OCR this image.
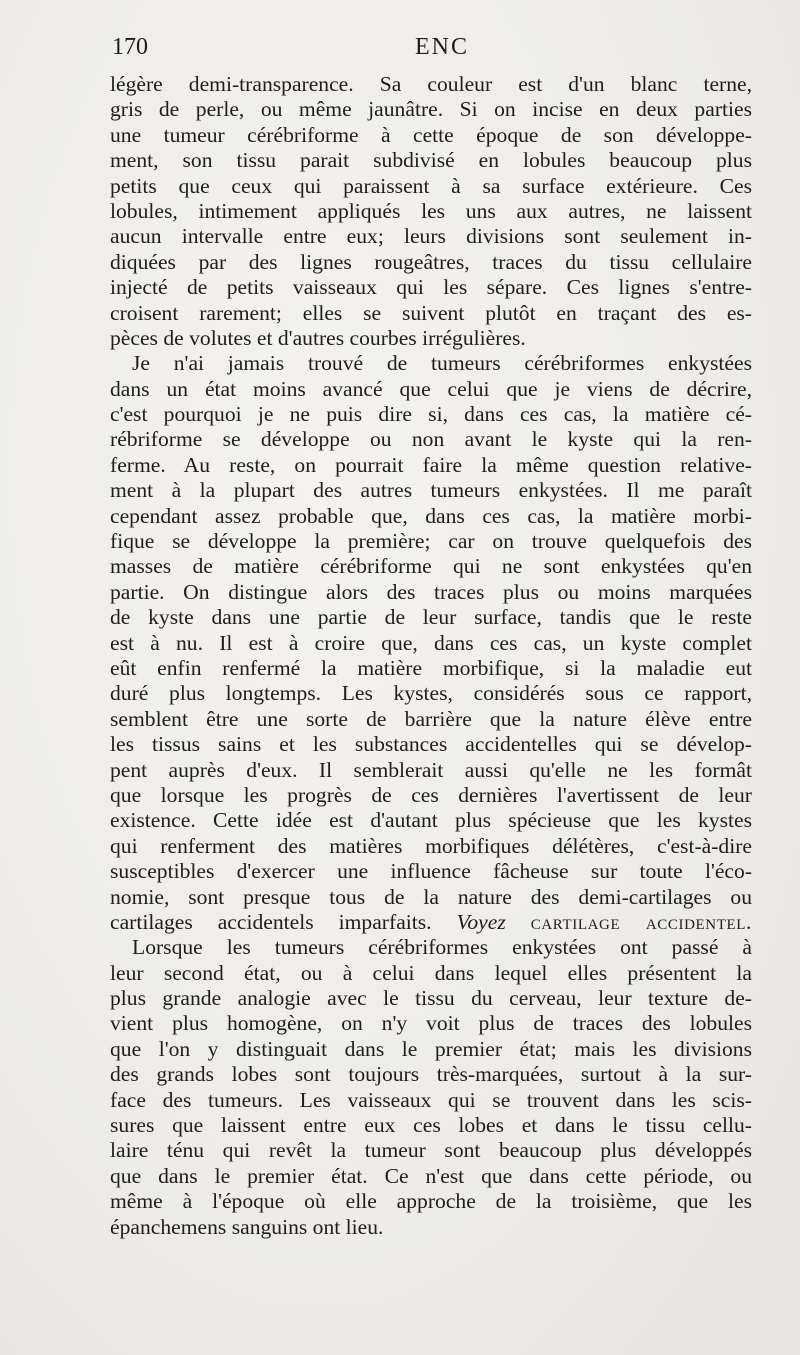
170	ENC
légère demi-transparence. Sa couleur est d'un blanc terne,
gris de perle, ou même jaunâtre. Si on incise en deux parties
une tumeur cérébriforme à cette époque de son développe-
ment, son tissu parait subdivisé en lobules beaucoup plus
petits que ceux qui paraissent à sa surface extérieure. Ces
lobules, intimement appliqués les uns aux autres, ne laissent
aucun intervalle entre eux; leurs divisions sont seulement in-
diquées par des lignes rougeâtres, traces du tissu cellulaire
injecté de petits vaisseaux qui les sépare. Ces lignes s'entre-
croisent rarement; elles se suivent plutôt en traçant des es-
pèces de volutes et d'autres courbes irrégulières.
Je n'ai jamais trouvé de tumeurs cérébriformes enkystées
dans un état moins avancé que celui que je viens de décrire,
c'est pourquoi je ne puis dire si, dans ces cas, la matière cé-
rébriforme se développe ou non avant le kyste qui la ren-
ferme. Au reste, on pourrait faire la même question relative-
ment à la plupart des autres tumeurs enkystées. Il me paraît
cependant assez probable que, dans ces cas, la matière morbi-
fique se développe la première; car on trouve quelquefois des
masses de matière cérébriforme qui ne sont enkystées qu'en
partie. On distingue alors des traces plus ou moins marquées
de kyste dans une partie de leur surface, tandis que le reste
est à nu. Il est à croire que, dans ces cas, un kyste complet
eût enfin renfermé la matière morbifique, si la maladie eut
duré plus longtemps. Les kystes, considérés sous ce rapport,
semblent être une sorte de barrière que la nature élève entre
les tissus sains et les substances accidentelles qui se dévelop-
pent auprès d'eux. Il semblerait aussi qu'elle ne les formât
que lorsque les progrès de ces dernières l'avertissent de leur
existence. Cette idée est d'autant plus spécieuse que les kystes
qui renferment des matières morbifiques délétères, c'est-à-dire
susceptibles d'exercer une influence fâcheuse sur toute l'éco-
nomie, sont presque tous de la nature des demi-cartilages ou
cartilages accidentels imparfaits. Voyez cartilage accidentel.
Lorsque les tumeurs cérébriformes enkystées ont passé à
leur second état, ou à celui dans lequel elles présentent la
plus grande analogie avec le tissu du cerveau, leur texture de-
vient plus homogène, on n'y voit plus de traces des lobules
que l'on y distinguait dans le premier état; mais les divisions
des grands lobes sont toujours très-marquées, surtout à la sur-
face des tumeurs. Les vaisseaux qui se trouvent dans les scis-
sures que laissent entre eux ces lobes et dans le tissu cellu-
laire ténu qui revêt la tumeur sont beaucoup plus développés
que dans le premier état. Ce n'est que dans cette période, ou
même à l'époque où elle approche de la troisième, que les
épanchemens sanguins ont lieu.
